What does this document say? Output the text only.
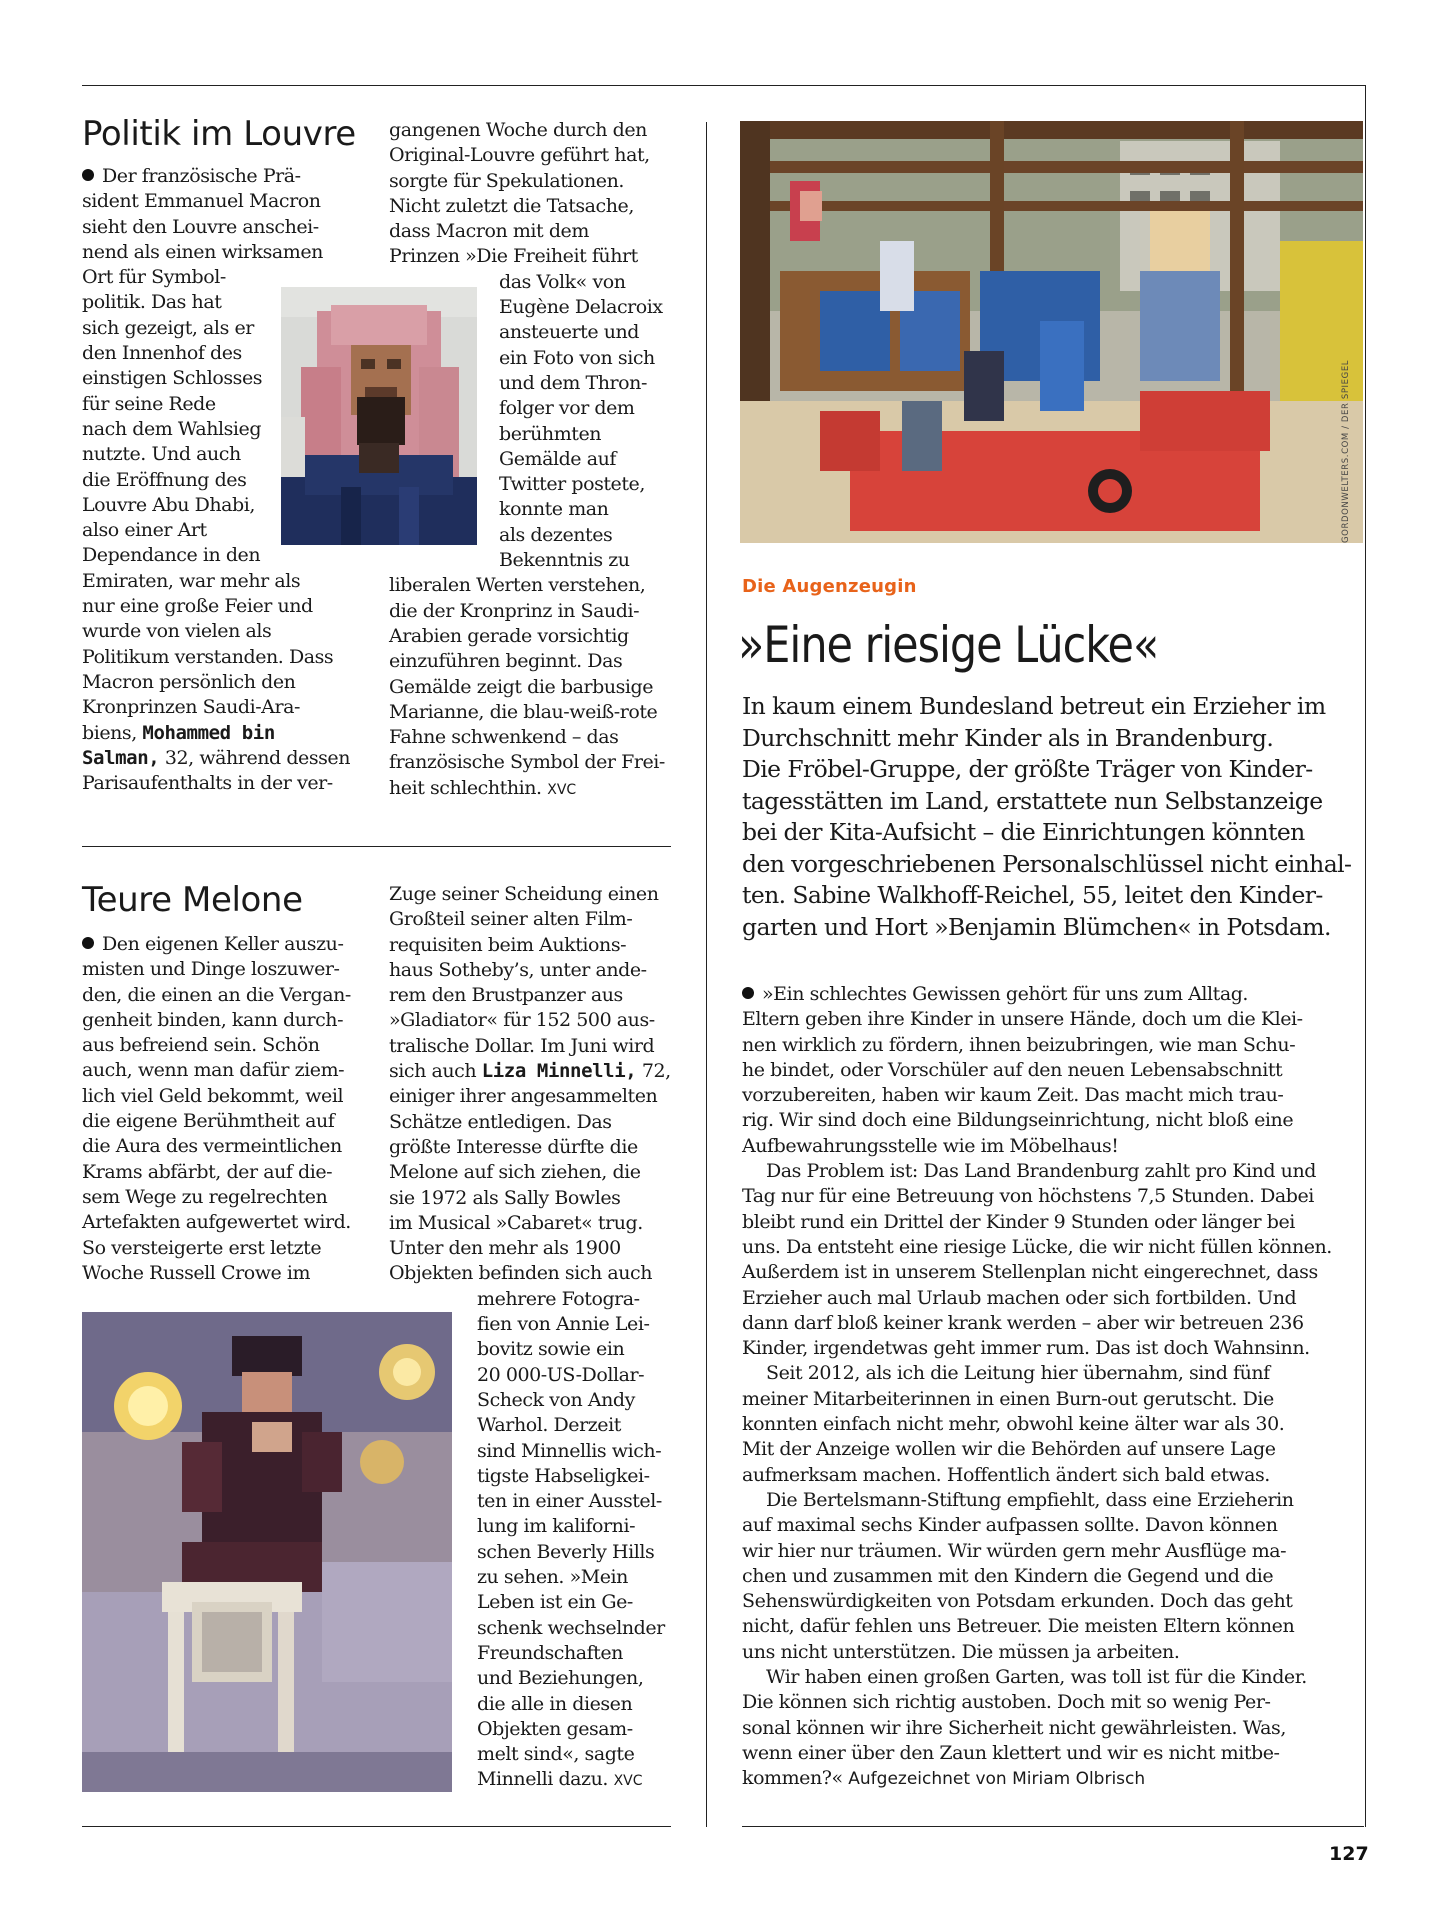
Politik im Louvre
Der französische Prä-
sident Emmanuel Macron
sieht den Louvre anschei-
nend als einen wirksamen
Ort für Symbol-
politik. Das hat
sich gezeigt, als er
den Innenhof des
einstigen Schlosses
für seine Rede
nach dem Wahlsieg
nutzte. Und auch
die Eröffnung des
Louvre Abu Dhabi,
also einer Art
Dependance in den
Emiraten, war mehr als
nur eine große Feier und
wurde von vielen als
Politikum verstanden. Dass
Macron persönlich den
Kronprinzen Saudi-Ara-
biens, Mohammed bin
Salman, 32, während dessen
Parisaufenthalts in der ver-
gangenen Woche durch den
Original-Louvre geführt hat,
sorgte für Spekulationen.
Nicht zuletzt die Tatsache,
dass Macron mit dem
Prinzen »Die Freiheit führt
das Volk« von
Eugène Delacroix
ansteuerte und
ein Foto von sich
und dem Thron-
folger vor dem
berühmten
Gemälde auf
Twitter postete,
konnte man
als dezentes
Bekenntnis zu
liberalen Werten verstehen,
die der Kronprinz in Saudi-
Arabien gerade vorsichtig
einzuführen beginnt. Das
Gemälde zeigt die barbusige
Marianne, die blau-weiß-rote
Fahne schwenkend – das
französische Symbol der Frei-
heit schlechthin. XVC
Teure Melone
Den eigenen Keller auszu-
misten und Dinge loszuwer-
den, die einen an die Vergan-
genheit binden, kann durch-
aus befreiend sein. Schön
auch, wenn man dafür ziem-
lich viel Geld bekommt, weil
die eigene Berühmtheit auf
die Aura des vermeintlichen
Krams abfärbt, der auf die-
sem Wege zu regelrechten
Artefakten aufgewertet wird.
So versteigerte erst letzte
Woche Russell Crowe im
Zuge seiner Scheidung einen
Großteil seiner alten Film-
requisiten beim Auktions-
haus Sotheby’s, unter ande-
rem den Brustpanzer aus
»Gladiator« für 152 500 aus-
tralische Dollar. Im Juni wird
sich auch Liza Minnelli, 72,
einiger ihrer angesammelten
Schätze entledigen. Das
größte Interesse dürfte die
Melone auf sich ziehen, die
sie 1972 als Sally Bowles
im Musical »Cabaret« trug.
Unter den mehr als 1900
Objekten befinden sich auch
mehrere Fotogra-
fien von Annie Lei-
bovitz sowie ein
20 000-US-Dollar-
Scheck von Andy
Warhol. Derzeit
sind Minnellis wich-
tigste Habseligkei-
ten in einer Ausstel-
lung im kaliforni-
schen Beverly Hills
zu sehen. »Mein
Leben ist ein Ge-
schenk wechselnder
Freundschaften
und Beziehungen,
die alle in diesen
Objekten gesam-
melt sind«, sagte
Minnelli dazu. XVC
GORDONWELTERS.COM / DER SPIEGEL
Die Augenzeugin
»Eine riesige Lücke«
In kaum einem Bundesland betreut ein Erzieher im
Durchschnitt mehr Kinder als in Brandenburg.
Die Fröbel-Gruppe, der größte Träger von Kinder-
tagesstätten im Land, erstattete nun Selbstanzeige
bei der Kita-Aufsicht – die Einrichtungen könnten
den vorgeschriebenen Personalschlüssel nicht einhal-
ten. Sabine Walkhoff-Reichel, 55, leitet den Kinder-
garten und Hort »Benjamin Blümchen« in Potsdam.
»Ein schlechtes Gewissen gehört für uns zum Alltag.
Eltern geben ihre Kinder in unsere Hände, doch um die Klei-
nen wirklich zu fördern, ihnen beizubringen, wie man Schu-
he bindet, oder Vorschüler auf den neuen Lebensabschnitt
vorzubereiten, haben wir kaum Zeit. Das macht mich trau-
rig. Wir sind doch eine Bildungseinrichtung, nicht bloß eine
Aufbewahrungsstelle wie im Möbelhaus!
Das Problem ist: Das Land Brandenburg zahlt pro Kind und
Tag nur für eine Betreuung von höchstens 7,5 Stunden. Dabei
bleibt rund ein Drittel der Kinder 9 Stunden oder länger bei
uns. Da entsteht eine riesige Lücke, die wir nicht füllen können.
Außerdem ist in unserem Stellenplan nicht eingerechnet, dass
Erzieher auch mal Urlaub machen oder sich fortbilden. Und
dann darf bloß keiner krank werden – aber wir betreuen 236
Kinder, irgendetwas geht immer rum. Das ist doch Wahnsinn.
Seit 2012, als ich die Leitung hier übernahm, sind fünf
meiner Mitarbeiterinnen in einen Burn-out gerutscht. Die
konnten einfach nicht mehr, obwohl keine älter war als 30.
Mit der Anzeige wollen wir die Behörden auf unsere Lage
aufmerksam machen. Hoffentlich ändert sich bald etwas.
Die Bertelsmann-Stiftung empfiehlt, dass eine Erzieherin
auf maximal sechs Kinder aufpassen sollte. Davon können
wir hier nur träumen. Wir würden gern mehr Ausflüge ma-
chen und zusammen mit den Kindern die Gegend und die
Sehenswürdigkeiten von Potsdam erkunden. Doch das geht
nicht, dafür fehlen uns Betreuer. Die meisten Eltern können
uns nicht unterstützen. Die müssen ja arbeiten.
Wir haben einen großen Garten, was toll ist für die Kinder.
Die können sich richtig austoben. Doch mit so wenig Per-
sonal können wir ihre Sicherheit nicht gewährleisten. Was,
wenn einer über den Zaun klettert und wir es nicht mitbe-
kommen?« Aufgezeichnet von Miriam Olbrisch
127
